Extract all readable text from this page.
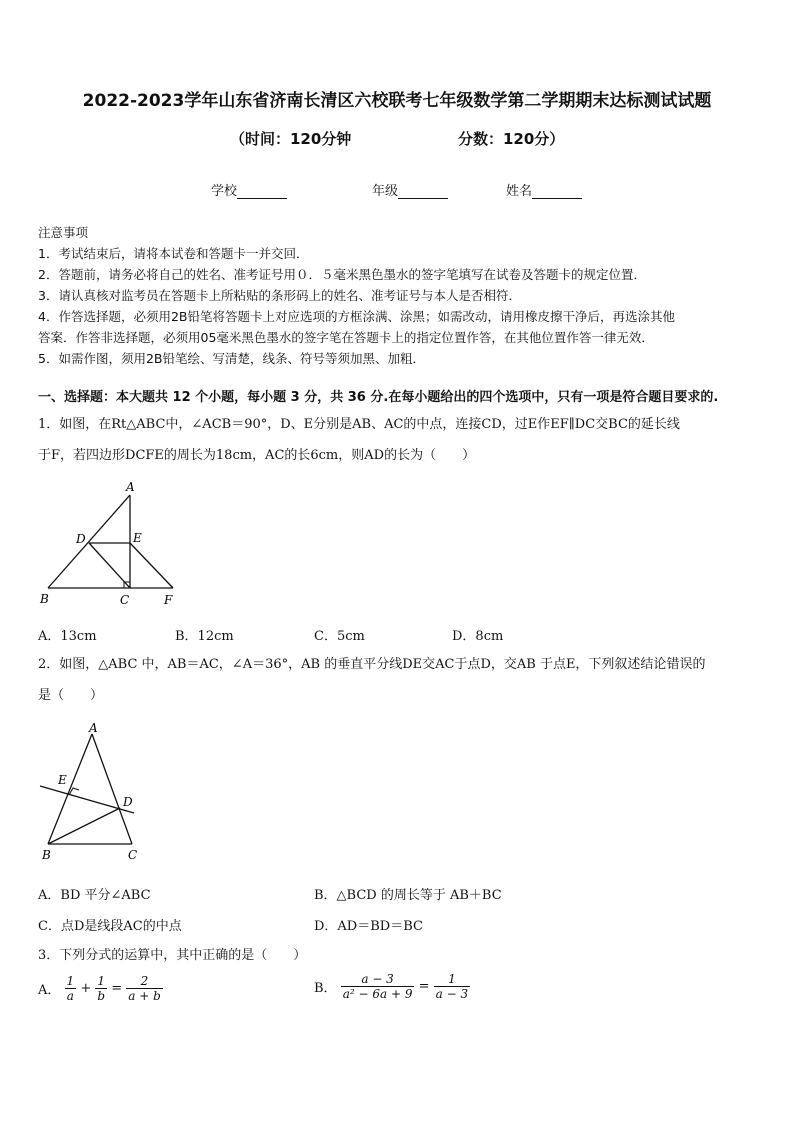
2022-2023学年山东省济南长清区六校联考七年级数学第二学期期末达标测试试题
（时间：120分钟	分数：120分）
学校	年级	姓名
注意事项
1．考试结束后，请将本试卷和答题卡一并交回．
2．答题前，请务必将自己的姓名、准考证号用０．５毫米黑色墨水的签字笔填写在试卷及答题卡的规定位置．
3．请认真核对监考员在答题卡上所粘贴的条形码上的姓名、准考证号与本人是否相符．
4．作答选择题，必须用2B铅笔将答题卡上对应选项的方框涂满、涂黑；如需改动，请用橡皮擦干净后，再选涂其他
答案．作答非选择题，必须用05毫米黑色墨水的签字笔在答题卡上的指定位置作答，在其他位置作答一律无效．
5．如需作图，须用2B铅笔绘、写清楚，线条、符号等须加黑、加粗．
一、选择题：本大题共 12 个小题，每小题 3 分，共 36 分.在每小题给出的四个选项中，只有一项是符合题目要求的.
1．如图，在Rt△ABC中，∠ACB＝90°，D、E分别是AB、AC的中点，连接CD，过E作EF∥DC交BC的延长线
于F，若四边形DCFE的周长为18cm，AC的长6cm，则AD的长为（　　）
A
D	E
B	C	F
A．13cm	B．12cm	C．5cm	D．8cm
2．如图，△ABC 中，AB＝AC，∠A＝36°，AB 的垂直平分线DE交AC于点D，交AB 于点E，下列叙述结论错误的
是（　　）
A
E
D
B	C
A．BD 平分∠ABC	B．△BCD 的周长等于 AB＋BC
C．点D是线段AC的中点	D．AD＝BD＝BC
3．下列分式的运算中，其中正确的是（　　）
A． $\frac{1}{a} + \frac{1}{b} = \frac{2}{a + b}$	B． $\frac{a - 3}{\text{a² − 6a + 9}} = \frac{1}{a - 3}$
